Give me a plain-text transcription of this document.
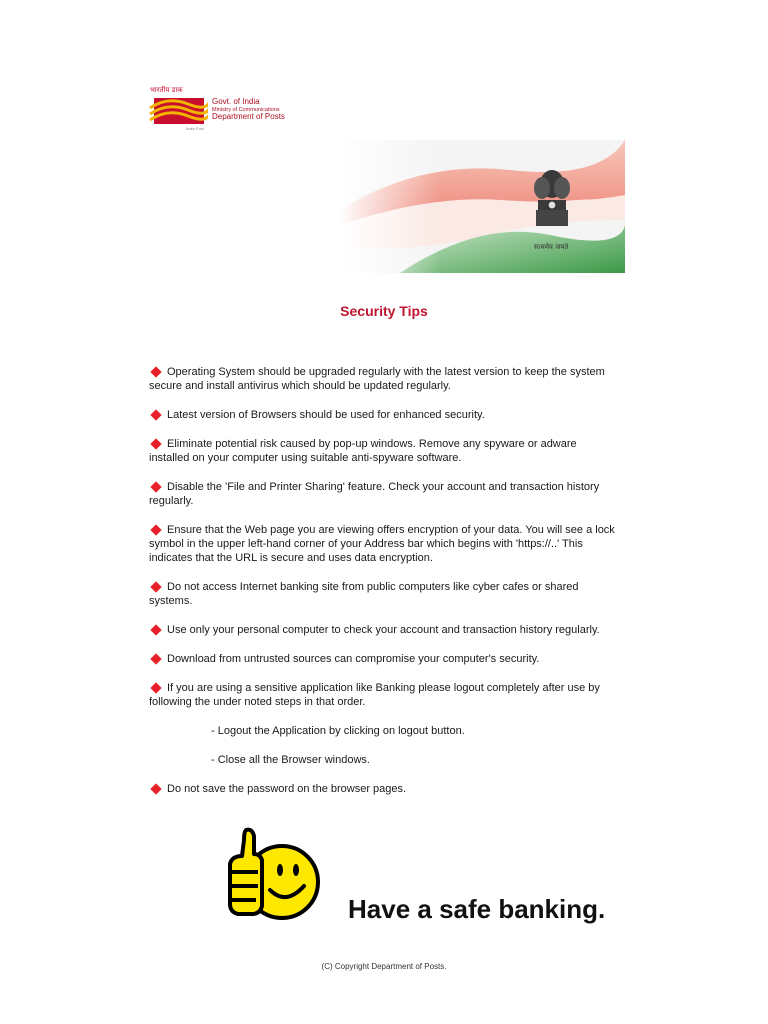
भारतीय डाक
Govt. of India
Ministry of Communications
Department of Posts
India Post
सत्यमेव जयते
Security Tips

Operating System should be upgraded regularly with the latest version to keep the system secure and install antivirus which should be updated regularly.

Latest version of Browsers should be used for enhanced security.

Eliminate potential risk caused by pop-up windows. Remove any spyware or adware installed on your computer using suitable anti-spyware software.

Disable the 'File and Printer Sharing' feature. Check your account and transaction history regularly.

Ensure that the Web page you are viewing offers encryption of your data. You will see a lock symbol in the upper left-hand corner of your Address bar which begins with 'https://..' This indicates that the URL is secure and uses data encryption.

Do not access Internet banking site from public computers like cyber cafes or shared systems.

Use only your personal computer to check your account and transaction history regularly.

Download from untrusted sources can compromise your computer's security.

If you are using a sensitive application like Banking please logout completely after use by following the under noted steps in that order.

- Logout the Application by clicking on logout button.

- Close all the Browser windows.

Do not save the password on the browser pages.

Have a safe banking.
(C) Copyright Department of Posts.
